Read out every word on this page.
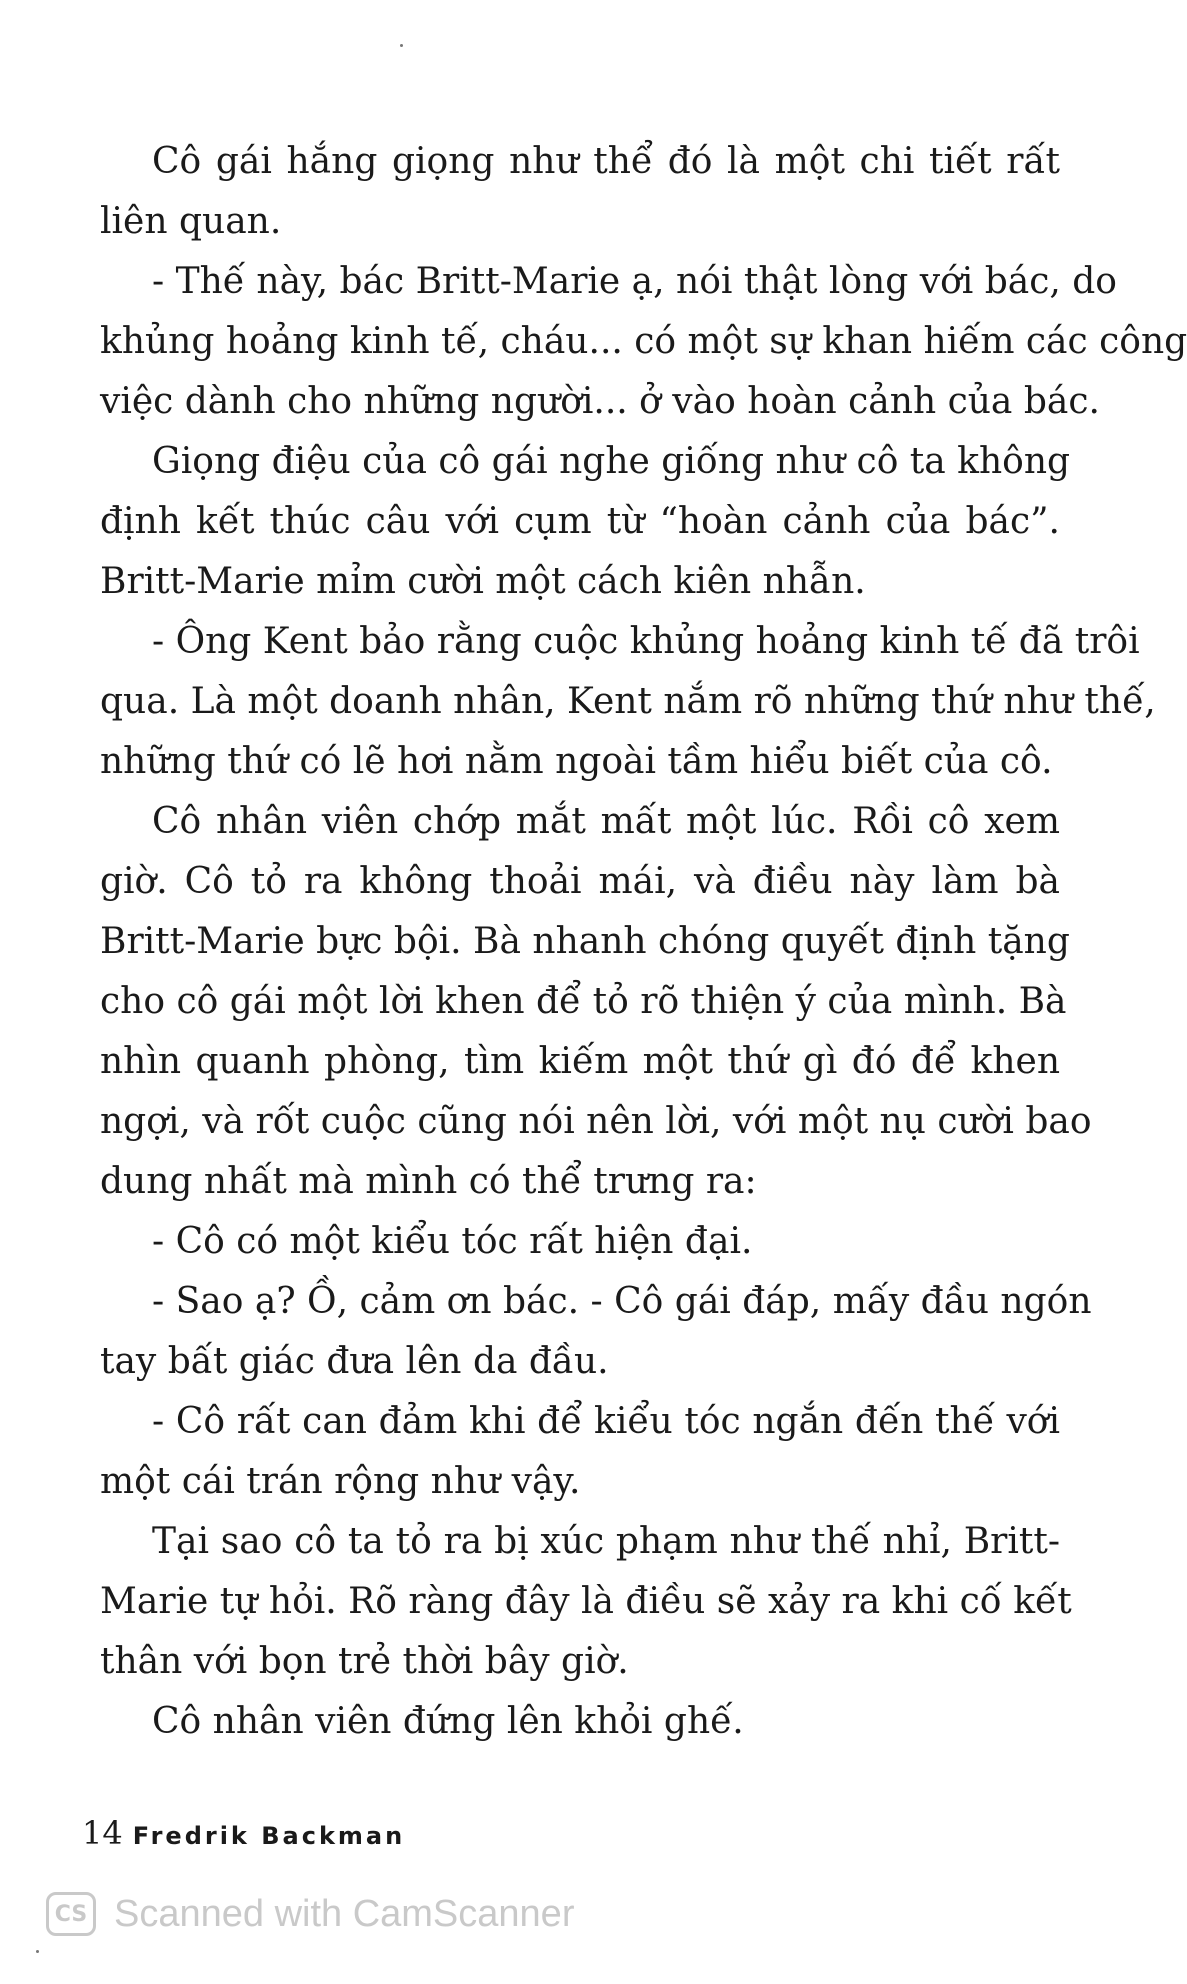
Cô gái hắng giọng như thể đó là một chi tiết rất
liên quan.
- Thế này, bác Britt-Marie ạ, nói thật lòng với bác, do
khủng hoảng kinh tế, cháu... có một sự khan hiếm các công
việc dành cho những người... ở vào hoàn cảnh của bác.
Giọng điệu của cô gái nghe giống như cô ta không
định kết thúc câu với cụm từ “hoàn cảnh của bác”.
Britt-Marie mỉm cười một cách kiên nhẫn.
- Ông Kent bảo rằng cuộc khủng hoảng kinh tế đã trôi
qua. Là một doanh nhân, Kent nắm rõ những thứ như thế,
những thứ có lẽ hơi nằm ngoài tầm hiểu biết của cô.
Cô nhân viên chớp mắt mất một lúc. Rồi cô xem
giờ. Cô tỏ ra không thoải mái, và điều này làm bà
Britt-Marie bực bội. Bà nhanh chóng quyết định tặng
cho cô gái một lời khen để tỏ rõ thiện ý của mình. Bà
nhìn quanh phòng, tìm kiếm một thứ gì đó để khen
ngợi, và rốt cuộc cũng nói nên lời, với một nụ cười bao
dung nhất mà mình có thể trưng ra:
- Cô có một kiểu tóc rất hiện đại.
- Sao ạ? Ồ, cảm ơn bác. - Cô gái đáp, mấy đầu ngón
tay bất giác đưa lên da đầu.
- Cô rất can đảm khi để kiểu tóc ngắn đến thế với
một cái trán rộng như vậy.
Tại sao cô ta tỏ ra bị xúc phạm như thế nhỉ, Britt-
Marie tự hỏi. Rõ ràng đây là điều sẽ xảy ra khi cố kết
thân với bọn trẻ thời bây giờ.
Cô nhân viên đứng lên khỏi ghế.
14 Fredrik Backman
CS Scanned with CamScanner
